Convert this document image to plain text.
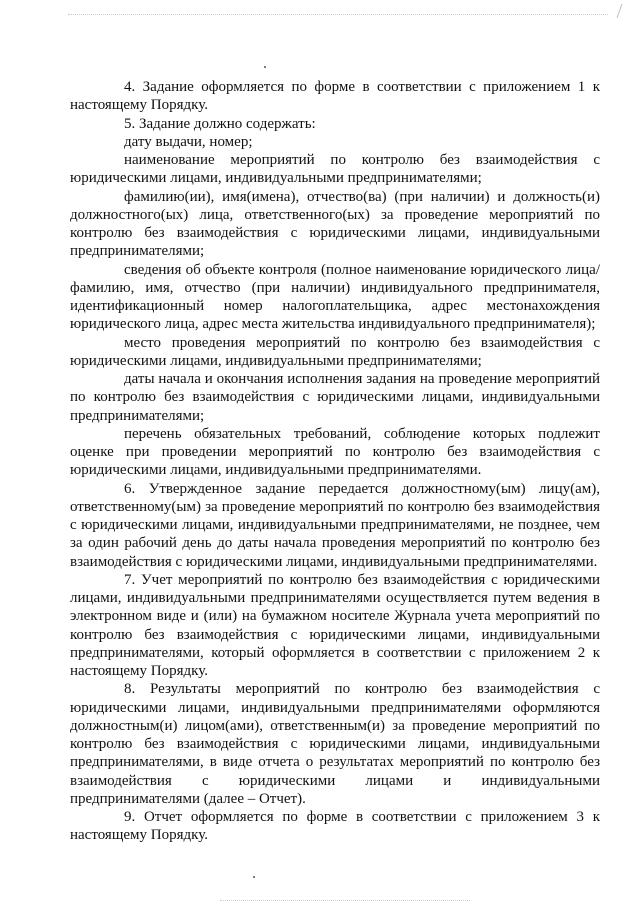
4. Задание оформляется по форме в соответствии с приложением 1 к настоящему Порядку.

5. Задание должно содержать:

дату выдачи, номер;

наименование мероприятий по контролю без взаимодействия с юридическими лицами, индивидуальными предпринимателями;

фамилию(ии), имя(имена), отчество(ва) (при наличии) и должность(и) должностного(ых) лица, ответственного(ых) за проведение мероприятий по контролю без взаимодействия с юридическими лицами, индивидуальными предпринимателями;

сведения об объекте контроля (полное наименование юридического лица/фамилию, имя, отчество (при наличии) индивидуального предпринимателя, идентификационный номер налогоплательщика, адрес местонахождения юридического лица, адрес места жительства индивидуального предпринимателя);

место проведения мероприятий по контролю без взаимодействия с юридическими лицами, индивидуальными предпринимателями;

даты начала и окончания исполнения задания на проведение мероприятий по контролю без взаимодействия с юридическими лицами, индивидуальными предпринимателями;

перечень обязательных требований, соблюдение которых подлежит оценке при проведении мероприятий по контролю без взаимодействия с юридическими лицами, индивидуальными предпринимателями.

6. Утвержденное задание передается должностному(ым) лицу(ам), ответственному(ым) за проведение мероприятий по контролю без взаимодействия с юридическими лицами, индивидуальными предпринимателями, не позднее, чем за один рабочий день до даты начала проведения мероприятий по контролю без взаимодействия с юридическими лицами, индивидуальными предпринимателями.

7. Учет мероприятий по контролю без взаимодействия с юридическими лицами, индивидуальными предпринимателями осуществляется путем ведения в электронном виде и (или) на бумажном носителе Журнала учета мероприятий по контролю без взаимодействия с юридическими лицами, индивидуальными предпринимателями, который оформляется в соответствии с приложением 2 к настоящему Порядку.

8. Результаты мероприятий по контролю без взаимодействия с юридическими лицами, индивидуальными предпринимателями оформляются должностным(и) лицом(ами), ответственным(и) за проведение мероприятий по контролю без взаимодействия с юридическими лицами, индивидуальными предпринимателями, в виде отчета о результатах мероприятий по контролю без взаимодействия с юридическими лицами и индивидуальными предпринимателями (далее – Отчет).

9. Отчет оформляется по форме в соответствии с приложением 3 к настоящему Порядку.
